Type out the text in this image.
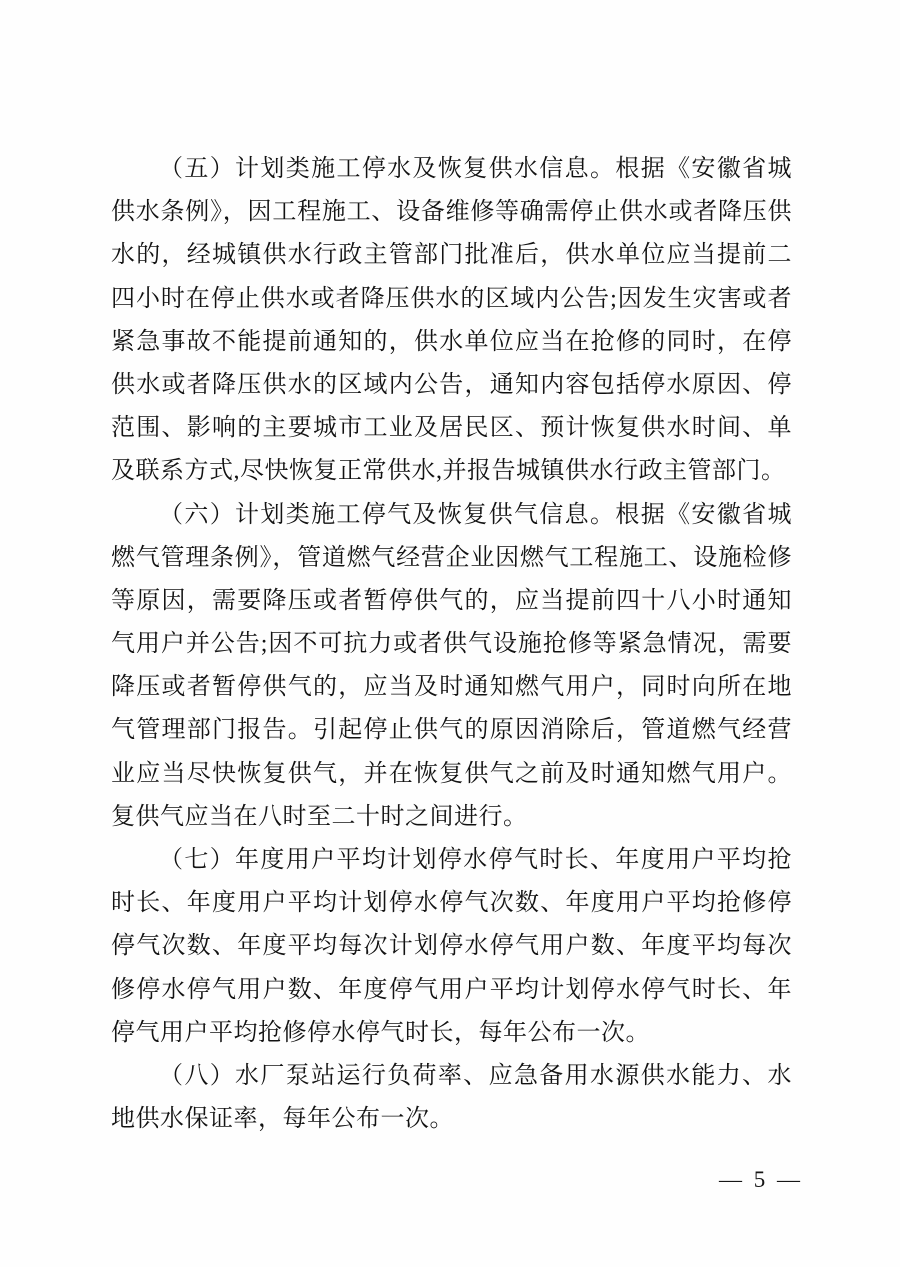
（五）计划类施工停水及恢复供水信息。根据《安徽省城
供水条例》，因工程施工、设备维修等确需停止供水或者降压供
水的，经城镇供水行政主管部门批准后，供水单位应当提前二
四小时在停止供水或者降压供水的区域内公告;因发生灾害或者
紧急事故不能提前通知的，供水单位应当在抢修的同时，在停
供水或者降压供水的区域内公告，通知内容包括停水原因、停
范围、影响的主要城市工业及居民区、预计恢复供水时间、单
及联系方式,尽快恢复正常供水,并报告城镇供水行政主管部门。
（六）计划类施工停气及恢复供气信息。根据《安徽省城
燃气管理条例》，管道燃气经营企业因燃气工程施工、设施检修
等原因，需要降压或者暂停供气的，应当提前四十八小时通知
气用户并公告;因不可抗力或者供气设施抢修等紧急情况，需要
降压或者暂停供气的，应当及时通知燃气用户，同时向所在地
气管理部门报告。引起停止供气的原因消除后，管道燃气经营
业应当尽快恢复供气，并在恢复供气之前及时通知燃气用户。
复供气应当在八时至二十时之间进行。
（七）年度用户平均计划停水停气时长、年度用户平均抢
时长、年度用户平均计划停水停气次数、年度用户平均抢修停
停气次数、年度平均每次计划停水停气用户数、年度平均每次
修停水停气用户数、年度停气用户平均计划停水停气时长、年
停气用户平均抢修停水停气时长，每年公布一次。
（八）水厂泵站运行负荷率、应急备用水源供水能力、水
地供水保证率，每年公布一次。
— 5 —
